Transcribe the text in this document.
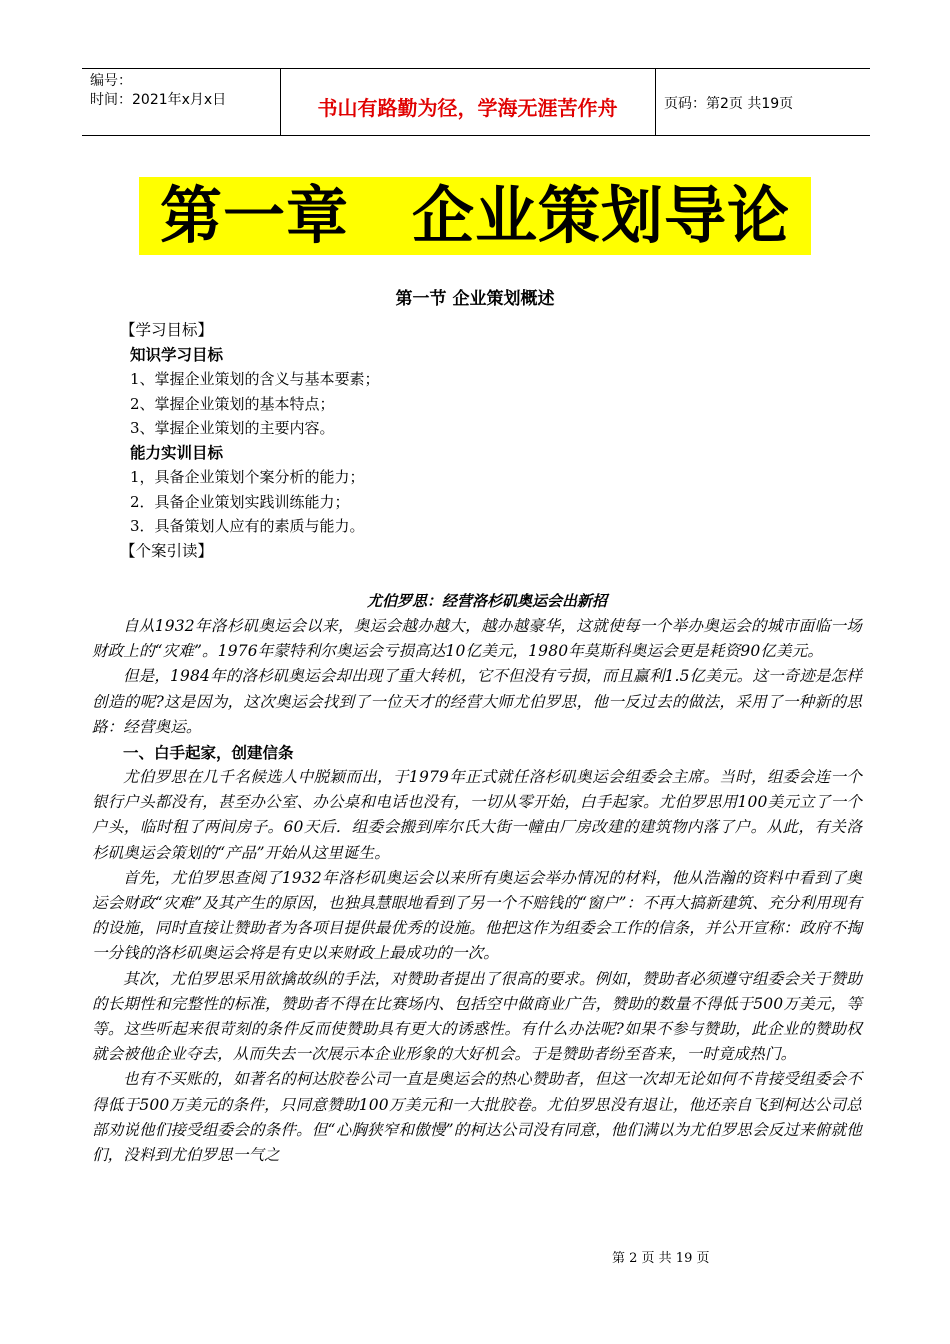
编号：
时间：2021年x月x日	书山有路勤为径，学海无涯苦作舟	页码：第2页 共19页
第一章　企业策划导论
第一节 企业策划概述
【学习目标】
知识学习目标
1、掌握企业策划的含义与基本要素；
2、掌握企业策划的基本特点；
3、掌握企业策划的主要内容。
能力实训目标
1，具备企业策划个案分析的能力；
2．具备企业策划实践训练能力；
3．具备策划人应有的素质与能力。
【个案引读】
尤伯罗思：经营洛杉矶奥运会出新招
自从1932年洛杉矶奥运会以来，奥运会越办越大，越办越豪华，这就使每一个举办奥运会的城市面临一场财政上的“灾难”。1976年蒙特利尔奥运会亏损高达10亿美元，1980年莫斯科奥运会更是耗资90亿美元。
但是，1984年的洛杉矶奥运会却出现了重大转机，它不但没有亏损，而且赢利1.5亿美元。这一奇迹是怎样创造的呢?这是因为，这次奥运会找到了一位天才的经营大师尤伯罗思，他一反过去的做法，采用了一种新的思路：经营奥运。
一、白手起家，创建信条
尤伯罗思在几千名候选人中脱颖而出，于1979年正式就任洛杉矶奥运会组委会主席。当时，组委会连一个银行户头都没有，甚至办公室、办公桌和电话也没有，一切从零开始，白手起家。尤伯罗思用100美元立了一个户头，临时租了两间房子。60天后．组委会搬到库尔氏大街一幢由厂房改建的建筑物内落了户。从此，有关洛杉矶奥运会策划的“产品”开始从这里诞生。
首先，尤伯罗思查阅了1932年洛杉矶奥运会以来所有奥运会举办情况的材料，他从浩瀚的资料中看到了奥运会财政“灾难”及其产生的原因，也独具慧眼地看到了另一个不赔钱的“窗户”：不再大搞新建筑、充分利用现有的设施，同时直接让赞助者为各项目提供最优秀的设施。他把这作为组委会工作的信条，并公开宣称：政府不掏一分钱的洛杉矶奥运会将是有史以来财政上最成功的一次。
其次，尤伯罗思采用欲擒故纵的手法，对赞助者提出了很高的要求。例如，赞助者必须遵守组委会关于赞助的长期性和完整性的标准，赞助者不得在比赛场内、包括空中做商业广告，赞助的数量不得低于500万美元，等等。这些听起来很苛刻的条件反而使赞助具有更大的诱惑性。有什么办法呢?如果不参与赞助，此企业的赞助权就会被他企业夺去，从而失去一次展示本企业形象的大好机会。于是赞助者纷至沓来，一时竟成热门。
也有不买账的，如著名的柯达胶卷公司一直是奥运会的热心赞助者，但这一次却无论如何不肯接受组委会不得低于500万美元的条件，只同意赞助100万美元和一大批胶卷。尤伯罗思没有退让，他还亲自飞到柯达公司总部劝说他们接受组委会的条件。但“心胸狭窄和傲慢”的柯达公司没有同意，他们满以为尤伯罗思会反过来俯就他们，没料到尤伯罗思一气之
第 2 页 共 19 页
